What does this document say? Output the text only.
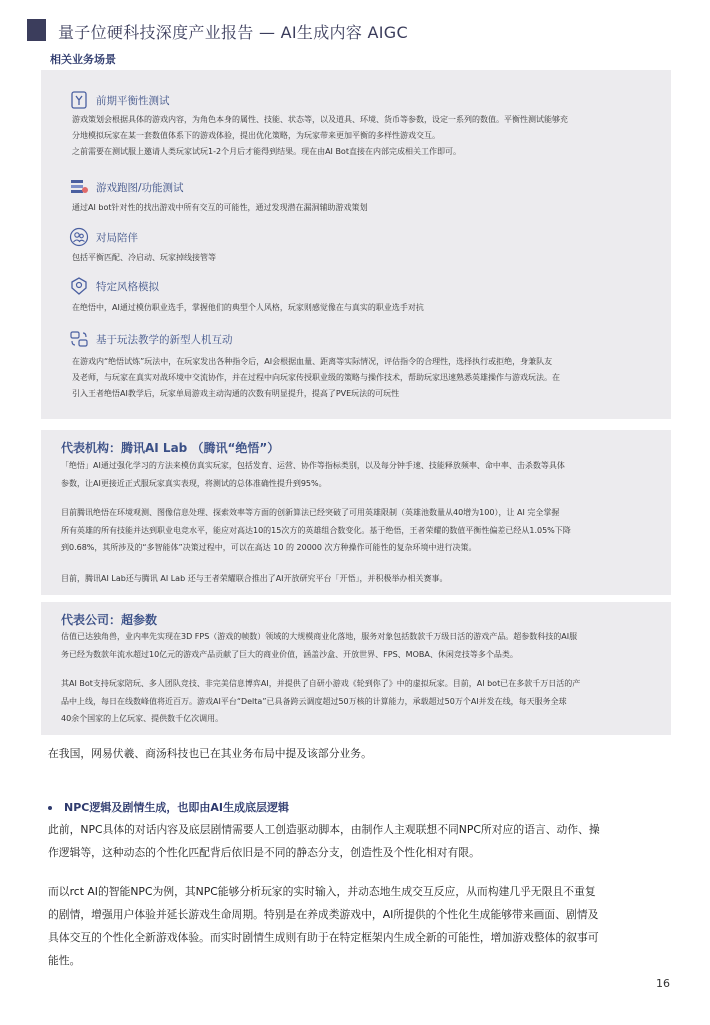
量子位硬科技深度产业报告 — AI生成内容 AIGC
相关业务场景
前期平衡性测试
游戏策划会根据具体的游戏内容，为角色本身的属性、技能、状态等，以及道具、环境、货币等参数，设定一系列的数值。平衡性测试能够充
分地模拟玩家在某一套数值体系下的游戏体验，提出优化策略，为玩家带来更加平衡的多样性游戏交互。
之前需要在测试服上邀请人类玩家试玩1-2个月后才能得到结果。现在由AI Bot直接在内部完成相关工作即可。
游戏跑图/功能测试
通过AI bot针对性的找出游戏中所有交互的可能性，通过发现潜在漏洞辅助游戏策划
对局陪伴
包括平衡匹配、冷启动、玩家掉线接管等
特定风格模拟
在绝悟中，AI通过模仿职业选手，掌握他们的典型个人风格，玩家则感觉像在与真实的职业选手对抗
基于玩法教学的新型人机互动
在游戏内“绝悟试炼”玩法中，在玩家发出各种指令后，AI会根据血量、距离等实际情况，评估指令的合理性，选择执行或拒绝，身兼队友
及老师，与玩家在真实对战环境中交流协作，并在过程中向玩家传授职业级的策略与操作技术，帮助玩家迅速熟悉英雄操作与游戏玩法。在
引入王者绝悟AI教学后，玩家单局游戏主动沟通的次数有明显提升，提高了PVE玩法的可玩性
代表机构：腾讯AI Lab （腾讯“绝悟”）
「绝悟」AI通过强化学习的方法来模仿真实玩家，包括发育、运营、协作等指标类别，以及每分钟手速、技能释放频率、命中率、击杀数等具体
参数，让AI更接近正式服玩家真实表现，将测试的总体准确性提升到95%。
目前腾讯绝悟在环境观测、图像信息处理、探索效率等方面的创新算法已经突破了可用英雄限制（英雄池数量从40增为100），让 AI 完全掌握
所有英雄的所有技能并达到职业电竞水平，能应对高达10的15次方的英雄组合数变化。基于绝悟，王者荣耀的数值平衡性偏差已经从1.05%下降
到0.68%，其所涉及的“多智能体”决策过程中，可以在高达 10 的 20000 次方种操作可能性的复杂环境中进行决策。
目前，腾讯AI Lab还与腾讯 AI Lab 还与王者荣耀联合推出了AI开放研究平台「开悟」，并积极举办相关赛事。
代表公司：超参数
估值已达独角兽，业内率先实现在3D FPS（游戏的帧数）领域的大规模商业化落地，服务对象包括数款千万级日活的游戏产品。超参数科技的AI服
务已经为数款年流水超过10亿元的游戏产品贡献了巨大的商业价值，涵盖沙盒、开放世界、FPS、MOBA、休闲竞技等多个品类。
其AI Bot支持玩家陪玩、多人团队竞技、非完美信息博弈AI，并提供了自研小游戏《轮到你了》中的虚拟玩家。目前，AI bot已在多款千万日活的产
品中上线，每日在线数峰值将近百万。游戏AI平台“Delta”已具备跨云调度超过50万核的计算能力，承载超过50万个AI并发在线，每天服务全球
40余个国家的上亿玩家、提供数千亿次调用。
在我国，网易伏羲、商汤科技也已在其业务布局中提及该部分业务。
NPC逻辑及剧情生成，也即由AI生成底层逻辑
此前，NPC具体的对话内容及底层剧情需要人工创造驱动脚本，由制作人主观联想不同NPC所对应的语言、动作、操
作逻辑等，这种动态的个性化匹配背后依旧是不同的静态分支，创造性及个性化相对有限。
而以rct AI的智能NPC为例，其NPC能够分析玩家的实时输入，并动态地生成交互反应，从而构建几乎无限且不重复
的剧情，增强用户体验并延长游戏生命周期。特别是在养成类游戏中，AI所提供的个性化生成能够带来画面、剧情及
具体交互的个性化全新游戏体验。而实时剧情生成则有助于在特定框架内生成全新的可能性，增加游戏整体的叙事可
能性。
16
